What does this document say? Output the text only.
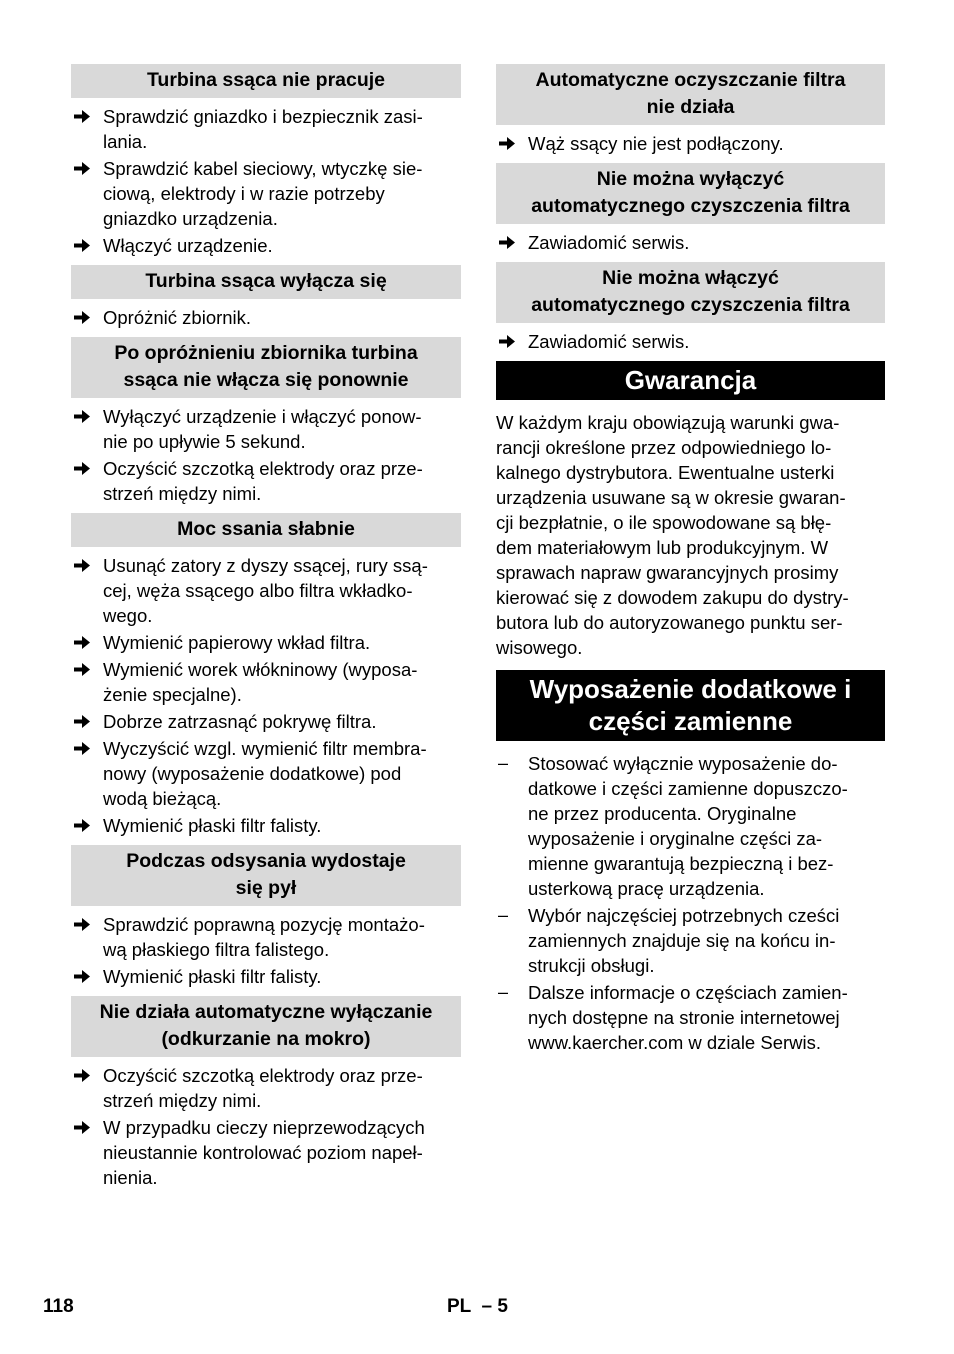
Turbina ssąca nie pracuje
Sprawdzić gniazdko i bezpiecznik zasi-
lania.
Sprawdzić kabel sieciowy, wtyczkę sie-
ciową, elektrody i w razie potrzeby
gniazdko urządzenia.
Włączyć urządzenie.
Turbina ssąca wyłącza się
Opróżnić zbiornik.
Po opróżnieniu zbiornika turbina
ssąca nie włącza się ponownie
Wyłączyć urządzenie i włączyć ponow-
nie po upływie 5 sekund.
Oczyścić szczotką elektrody oraz prze-
strzeń między nimi.
Moc ssania słabnie
Usunąć zatory z dyszy ssącej, rury ssą-
cej, węża ssącego albo filtra wkładko-
wego.
Wymienić papierowy wkład filtra.
Wymienić worek włókninowy (wyposa-
żenie specjalne).
Dobrze zatrzasnąć pokrywę filtra.
Wyczyścić wzgl. wymienić filtr membra-
nowy (wyposażenie dodatkowe) pod
wodą bieżącą.
Wymienić płaski filtr falisty.
Podczas odsysania wydostaje
się pył
Sprawdzić poprawną pozycję montażo-
wą płaskiego filtra falistego.
Wymienić płaski filtr falisty.
Nie działa automatyczne wyłączanie
(odkurzanie na mokro)
Oczyścić szczotką elektrody oraz prze-
strzeń między nimi.
W przypadku cieczy nieprzewodzących
nieustannie kontrolować poziom napeł-
nienia.
Automatyczne oczyszczanie filtra
nie działa
Wąż ssący nie jest podłączony.
Nie można wyłączyć
automatycznego czyszczenia filtra
Zawiadomić serwis.
Nie można włączyć
automatycznego czyszczenia filtra
Zawiadomić serwis.
Gwarancja

W każdym kraju obowiązują warunki gwa-
rancji określone przez odpowiedniego lo-
kalnego dystrybutora. Ewentualne usterki
urządzenia usuwane są w okresie gwaran-
cji bezpłatnie, o ile spowodowane są błę-
dem materiałowym lub produkcyjnym. W
sprawach napraw gwarancyjnych prosimy
kierować się z dowodem zakupu do dystry-
butora lub do autoryzowanego punktu ser-
wisowego.

Wyposażenie dodatkowe i
części zamienne
– Stosować wyłącznie wyposażenie do-
datkowe i części zamienne dopuszczo-
ne przez producenta. Oryginalne
wyposażenie i oryginalne części za-
mienne gwarantują bezpieczną i bez-
usterkową pracę urządzenia.
– Wybór najczęściej potrzebnych cześci
zamiennych znajduje się na końcu in-
strukcji obsługi.
– Dalsze informacje o częściach zamien-
nych dostępne na stronie internetowej
www.kaercher.com w dziale Serwis.
118	PL  – 5
